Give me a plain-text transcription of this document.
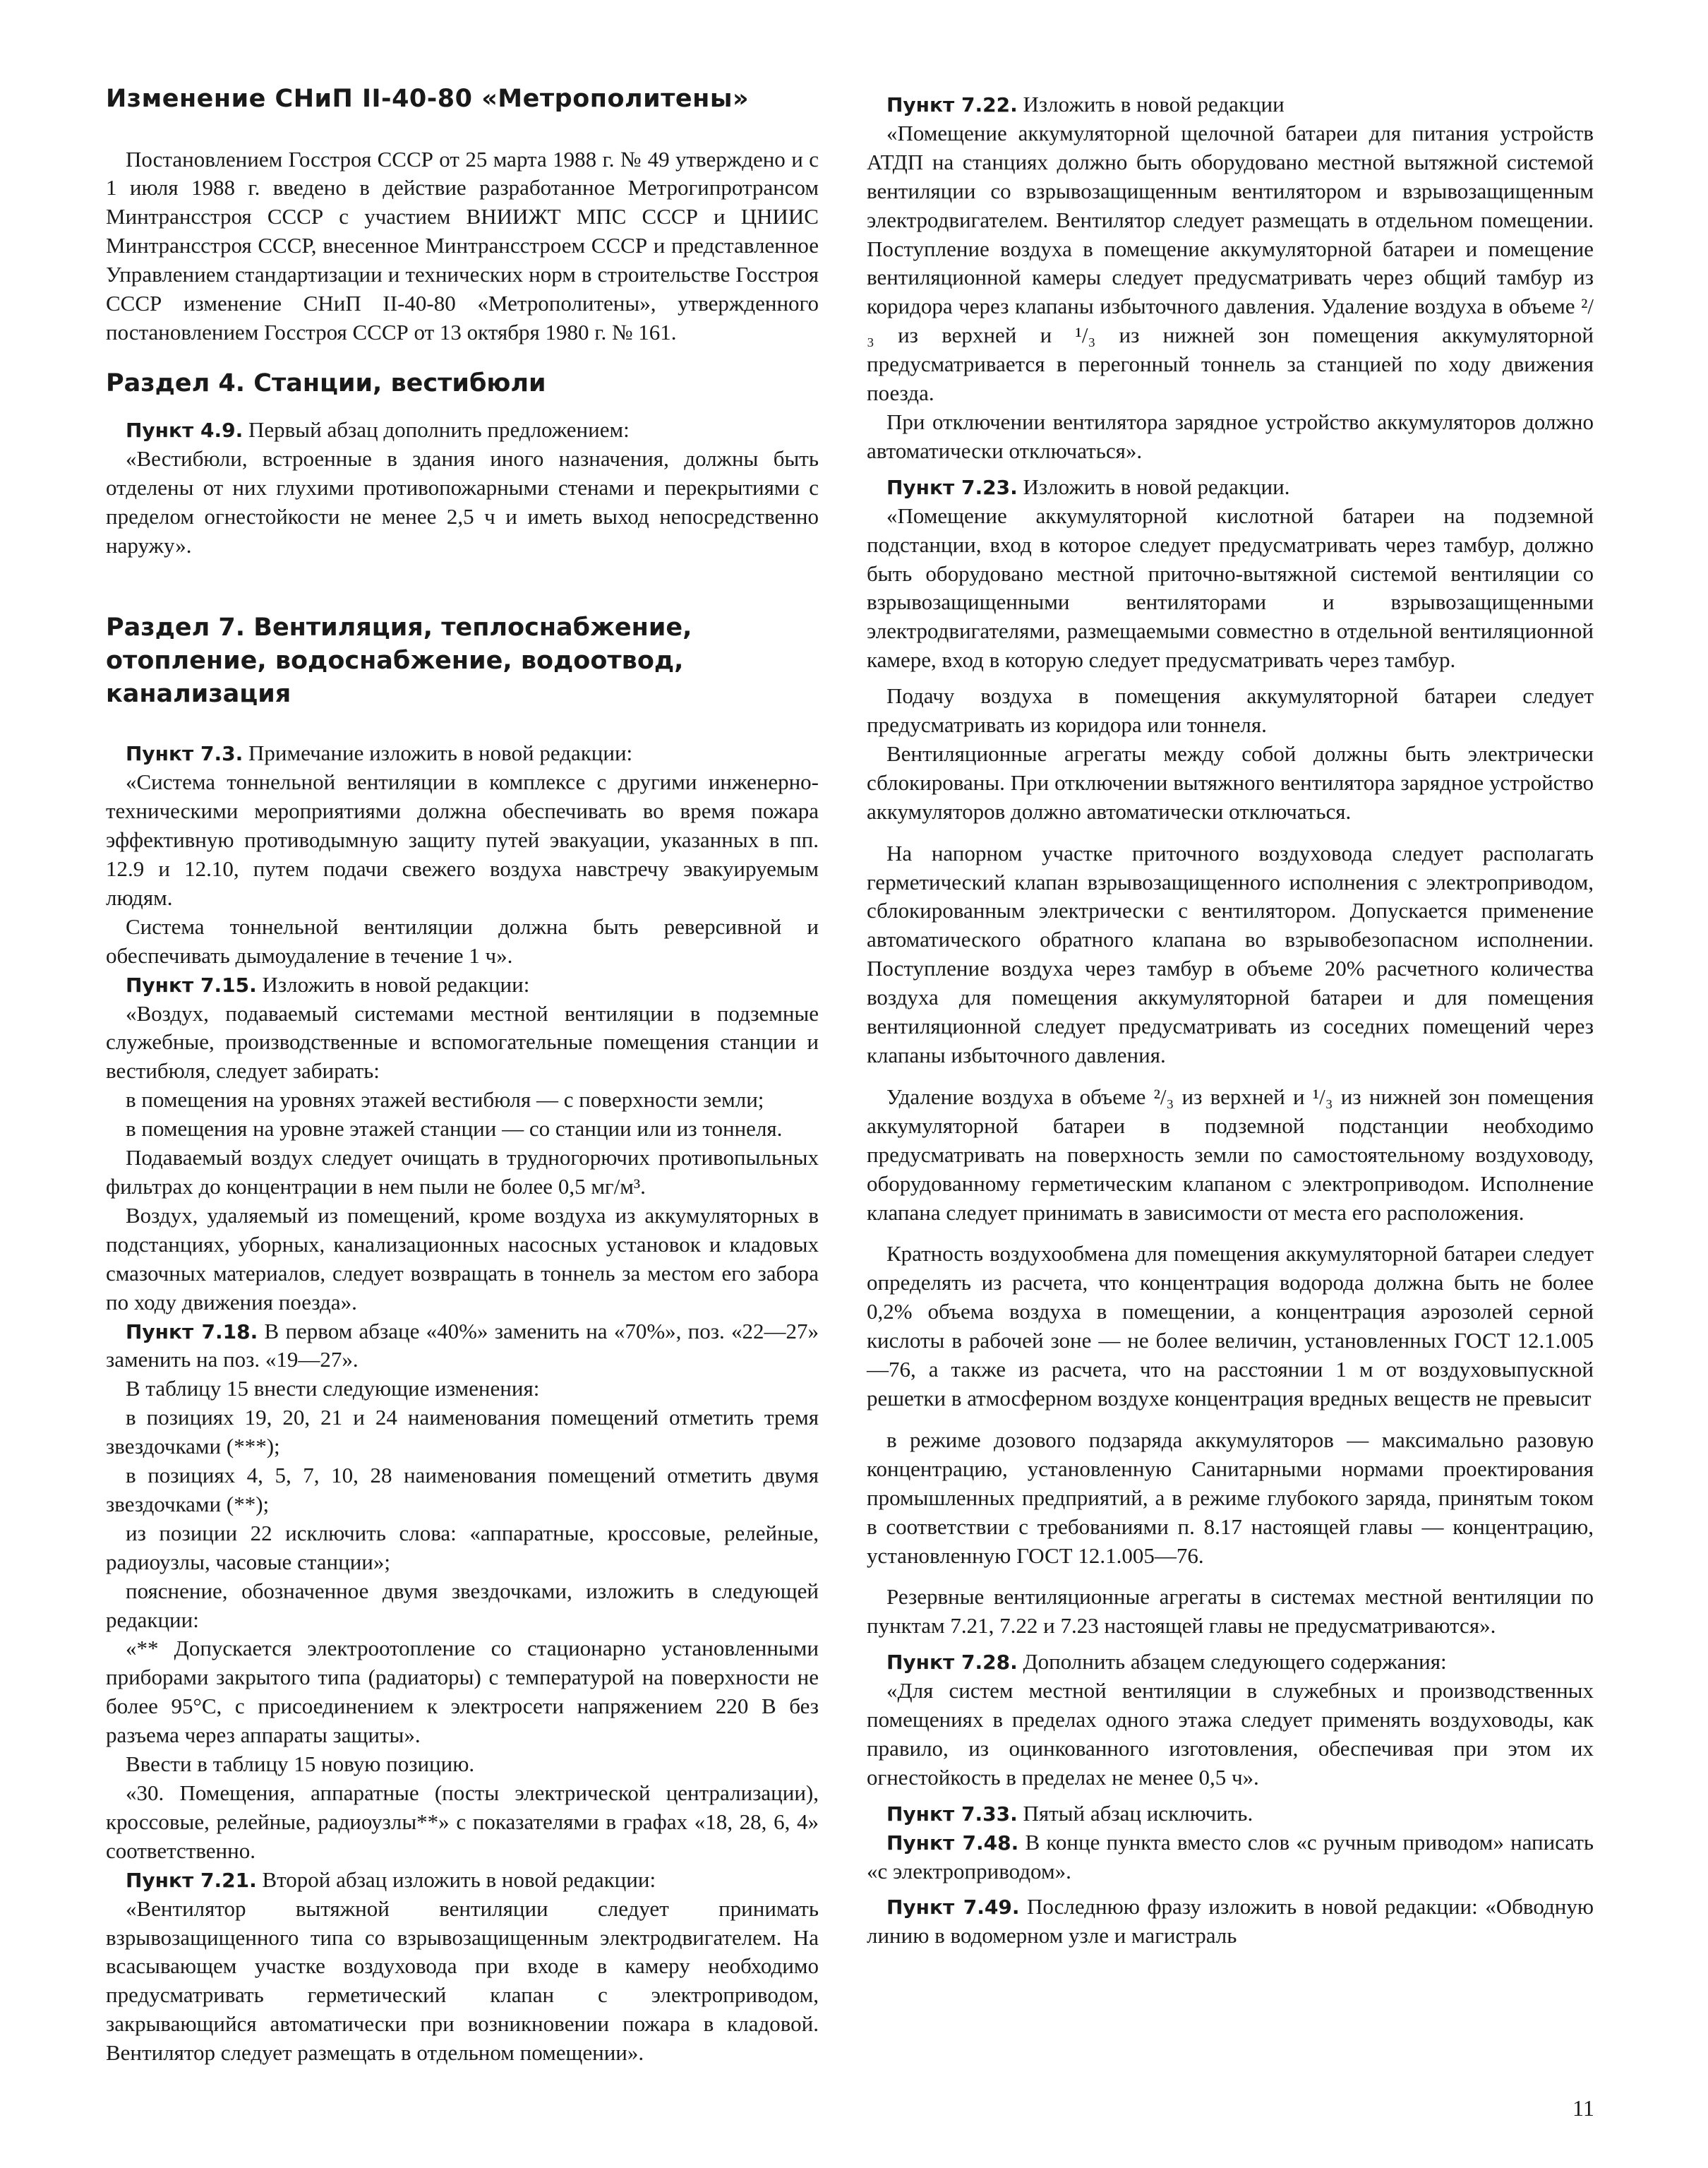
Изменение СНиП II-40-80 «Метрополитены»

Постановлением Госстроя СССР от 25 марта 1988 г. № 49 утверждено и с 1 июля 1988 г. введено в действие разработанное Метрогипротрансом Минтрансстроя СССР с участием ВНИИЖТ МПС СССР и ЦНИИС Минтрансстроя СССР, внесенное Минтрансстроем СССР и представленное Управлением стандартизации и технических норм в строительстве Госстроя СССР изменение СНиП II-40-80 «Метрополитены», утвержденного постановлением Госстроя СССР от 13 октября 1980 г. № 161.

Раздел 4. Станции, вестибюли

Пункт 4.9. Первый абзац дополнить предложением:

«Вестибюли, встроенные в здания иного назначения, должны быть отделены от них глухими противопожарными стенами и перекрытиями с пределом огнестойкости не менее 2,5 ч и иметь выход непосредственно наружу».

Раздел 7. Вентиляция, теплоснабжение, отопление, водоснабжение, водоотвод, канализация

Пункт 7.3. Примечание изложить в новой редакции:

«Система тоннельной вентиляции в комплексе с другими инженерно-техническими мероприятиями должна обеспечивать во время пожара эффективную противодымную защиту путей эвакуации, указанных в пп. 12.9 и 12.10, путем подачи свежего воздуха навстречу эвакуируемым людям.

Система тоннельной вентиляции должна быть реверсивной и обеспечивать дымоудаление в течение 1 ч».

Пункт 7.15. Изложить в новой редакции:

«Воздух, подаваемый системами местной вентиляции в подземные служебные, производственные и вспомогательные помещения станции и вестибюля, следует забирать:

в помещения на уровнях этажей вестибюля — с поверхности земли;

в помещения на уровне этажей станции — со станции или из тоннеля.

Подаваемый воздух следует очищать в трудногорючих противопыльных фильтрах до концентрации в нем пыли не более 0,5 мг/м³.

Воздух, удаляемый из помещений, кроме воздуха из аккумуляторных в подстанциях, уборных, канализационных насосных установок и кладовых смазочных материалов, следует возвращать в тоннель за местом его забора по ходу движения поезда».

Пункт 7.18. В первом абзаце «40%» заменить на «70%», поз. «22—27» заменить на поз. «19—27».

В таблицу 15 внести следующие изменения:

в позициях 19, 20, 21 и 24 наименования помещений отметить тремя звездочками (***);

в позициях 4, 5, 7, 10, 28 наименования помещений отметить двумя звездочками (**);

из позиции 22 исключить слова: «аппаратные, кроссовые, релейные, радиоузлы, часовые станции»;

пояснение, обозначенное двумя звездочками, изложить в следующей редакции:

«** Допускается электроотопление со стационарно установленными приборами закрытого типа (радиаторы) с температурой на поверхности не более 95°С, с присоединением к электросети напряжением 220 В без разъема через аппараты защиты».

Ввести в таблицу 15 новую позицию.

«30. Помещения, аппаратные (посты электрической централизации), кроссовые, релейные, радиоузлы**» с показателями в графах «18, 28, 6, 4» соответственно.

Пункт 7.21. Второй абзац изложить в новой редакции:

«Вентилятор вытяжной вентиляции следует принимать взрывозащищенного типа со взрывозащищенным электродвигателем. На всасывающем участке воздуховода при входе в камеру необходимо предусматривать герметический клапан с электроприводом, закрывающийся автоматически при возникновении пожара в кладовой. Вентилятор следует размещать в отдельном помещении».

Пункт 7.22. Изложить в новой редакции

«Помещение аккумуляторной щелочной батареи для питания устройств АТДП на станциях должно быть оборудовано местной вытяжной системой вентиляции со взрывозащищенным вентилятором и взрывозащищенным электродвигателем. Вентилятор следует размещать в отдельном помещении. Поступление воздуха в помещение аккумуляторной батареи и помещение вентиляционной камеры следует предусматривать через общий тамбур из коридора через клапаны избыточного давления. Удаление воздуха в объеме ²/₃ из верхней и ¹/₃ из нижней зон помещения аккумуляторной предусматривается в перегонный тоннель за станцией по ходу движения поезда.

При отключении вентилятора зарядное устройство аккумуляторов должно автоматически отключаться».

Пункт 7.23. Изложить в новой редакции.

«Помещение аккумуляторной кислотной батареи на подземной подстанции, вход в которое следует предусматривать через тамбур, должно быть оборудовано местной приточно-вытяжной системой вентиляции со взрывозащищенными вентиляторами и взрывозащищенными электродвигателями, размещаемыми совместно в отдельной вентиляционной камере, вход в которую следует предусматривать через тамбур.

Подачу воздуха в помещения аккумуляторной батареи следует предусматривать из коридора или тоннеля.

Вентиляционные агрегаты между собой должны быть электрически сблокированы. При отключении вытяжного вентилятора зарядное устройство аккумуляторов должно автоматически отключаться.

На напорном участке приточного воздуховода следует располагать герметический клапан взрывозащищенного исполнения с электроприводом, сблокированным электрически с вентилятором. Допускается применение автоматического обратного клапана во взрывобезопасном исполнении. Поступление воздуха через тамбур в объеме 20% расчетного количества воздуха для помещения аккумуляторной батареи и для помещения вентиляционной следует предусматривать из соседних помещений через клапаны избыточного давления.

Удаление воздуха в объеме ²/₃ из верхней и ¹/₃ из нижней зон помещения аккумуляторной батареи в подземной подстанции необходимо предусматривать на поверхность земли по самостоятельному воздуховоду, оборудованному герметическим клапаном с электроприводом. Исполнение клапана следует принимать в зависимости от места его расположения.

Кратность воздухообмена для помещения аккумуляторной батареи следует определять из расчета, что концентрация водорода должна быть не более 0,2% объема воздуха в помещении, а концентрация аэрозолей серной кислоты в рабочей зоне — не более величин, установленных ГОСТ 12.1.005—76, а также из расчета, что на расстоянии 1 м от воздуховыпускной решетки в атмосферном воздухе концентрация вредных веществ не превысит

в режиме дозового подзаряда аккумуляторов — максимально разовую концентрацию, установленную Санитарными нормами проектирования промышленных предприятий, а в режиме глубокого заряда, принятым током в соответствии с требованиями п. 8.17 настоящей главы — концентрацию, установленную ГОСТ 12.1.005—76.

Резервные вентиляционные агрегаты в системах местной вентиляции по пунктам 7.21, 7.22 и 7.23 настоящей главы не предусматриваются».

Пункт 7.28. Дополнить абзацем следующего содержания:

«Для систем местной вентиляции в служебных и производственных помещениях в пределах одного этажа следует применять воздуховоды, как правило, из оцинкованного изготовления, обеспечивая при этом их огнестойкость в пределах не менее 0,5 ч».

Пункт 7.33. Пятый абзац исключить.

Пункт 7.48. В конце пункта вместо слов «с ручным приводом» написать «с электроприводом».

Пункт 7.49. Последнюю фразу изложить в новой редакции: «Обводную линию в водомерном узле и магистраль

11
